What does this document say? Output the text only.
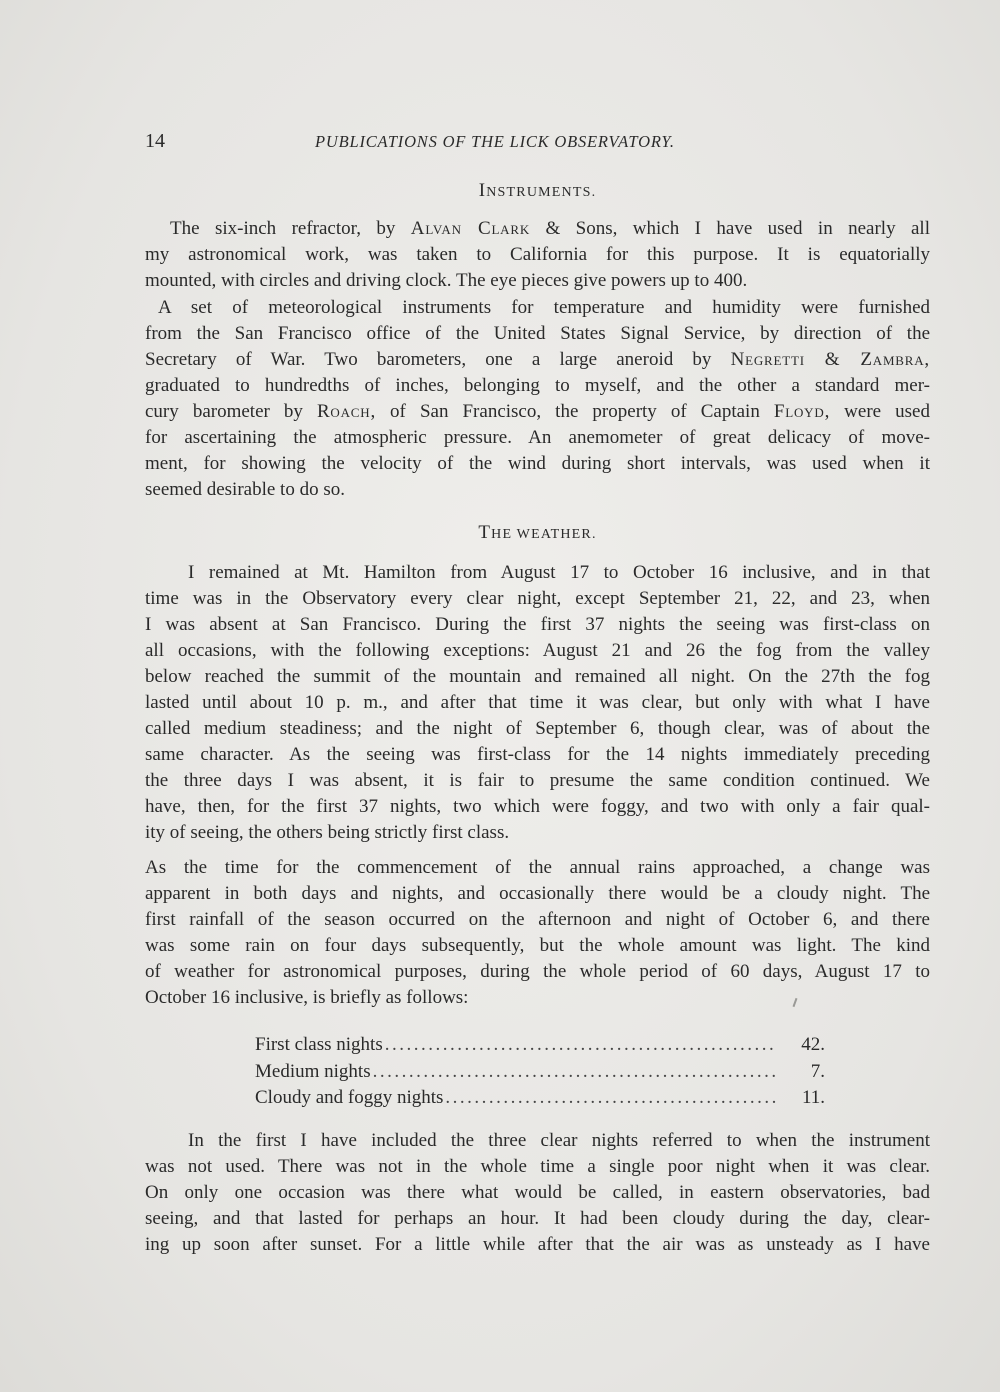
14	PUBLICATIONS OF THE LICK OBSERVATORY.
INSTRUMENTS.
The six-inch refractor, by Alvan Clark & Sons, which I have used in nearly all
my astronomical work, was taken to California for this purpose. It is equatorially
mounted, with circles and driving clock. The eye pieces give powers up to 400.
A set of meteorological instruments for temperature and humidity were furnished
from the San Francisco office of the United States Signal Service, by direction of the
Secretary of War. Two barometers, one a large aneroid by Negretti & Zambra,
graduated to hundredths of inches, belonging to myself, and the other a standard mer-
cury barometer by Roach, of San Francisco, the property of Captain Floyd, were used
for ascertaining the atmospheric pressure. An anemometer of great delicacy of move-
ment, for showing the velocity of the wind during short intervals, was used when it
seemed desirable to do so.
THE WEATHER.
I remained at Mt. Hamilton from August 17 to October 16 inclusive, and in that
time was in the Observatory every clear night, except September 21, 22, and 23, when
I was absent at San Francisco. During the first 37 nights the seeing was first-class on
all occasions, with the following exceptions: August 21 and 26 the fog from the valley
below reached the summit of the mountain and remained all night. On the 27th the fog
lasted until about 10 p. m., and after that time it was clear, but only with what I have
called medium steadiness; and the night of September 6, though clear, was of about the
same character. As the seeing was first-class for the 14 nights immediately preceding
the three days I was absent, it is fair to presume the same condition continued. We
have, then, for the first 37 nights, two which were foggy, and two with only a fair qual-
ity of seeing, the others being strictly first class.
As the time for the commencement of the annual rains approached, a change was
apparent in both days and nights, and occasionally there would be a cloudy night. The
first rainfall of the season occurred on the afternoon and night of October 6, and there
was some rain on four days subsequently, but the whole amount was light. The kind
of weather for astronomical purposes, during the whole period of 60 days, August 17 to
October 16 inclusive, is briefly as follows:
First class nights .....	42.
Medium nights .....	7.
Cloudy and foggy nights .....	11.
In the first I have included the three clear nights referred to when the instrument
was not used. There was not in the whole time a single poor night when it was clear.
On only one occasion was there what would be called, in eastern observatories, bad
seeing, and that lasted for perhaps an hour. It had been cloudy during the day, clear-
ing up soon after sunset. For a little while after that the air was as unsteady as I have
